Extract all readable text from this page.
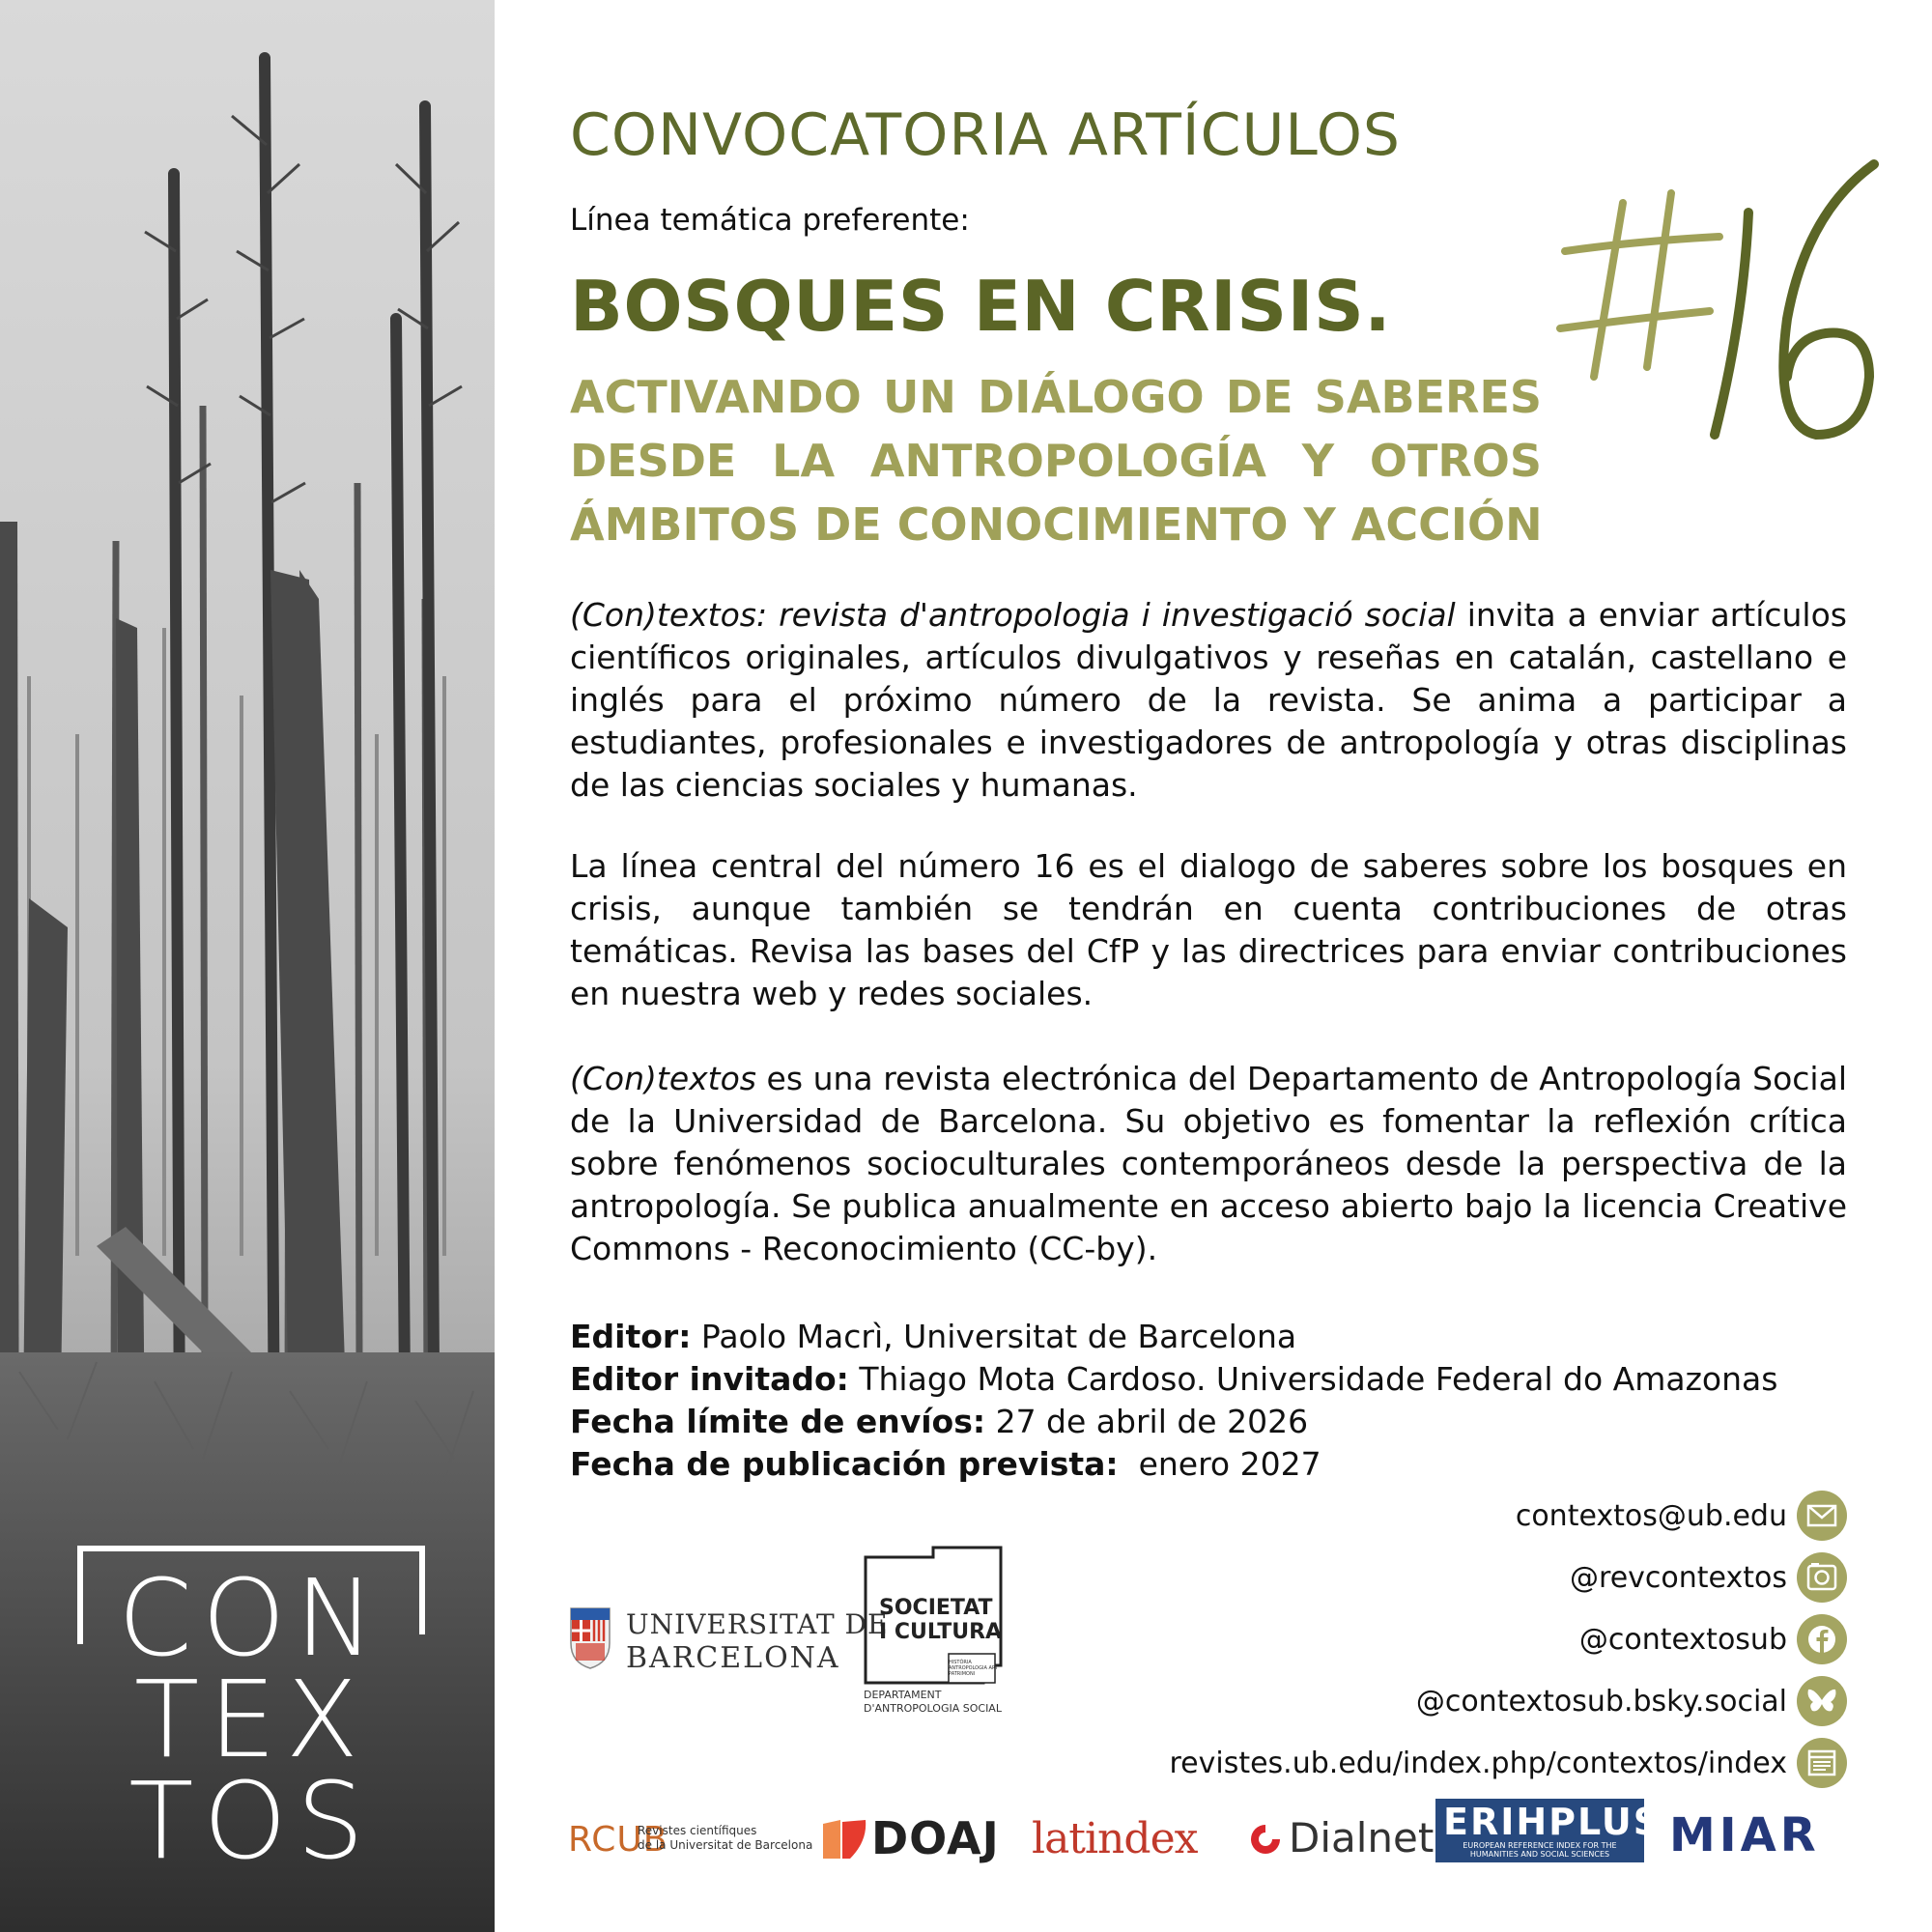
CON
TEX
TOS
CONVOCATORIA ARTÍCULOS
Línea temática preferente:
BOSQUES EN CRISIS.
ACTIVANDO UN DIÁLOGO DE SABERES
DESDE LA ANTROPOLOGÍA Y OTROS
ÁMBITOS DE CONOCIMIENTO Y ACCIÓN
(Con)textos: revista d'antropologia i investigació social invita a enviar artículos científicos originales, artículos divulgativos y reseñas en catalán, castellano e inglés para el próximo número de la revista. Se anima a participar a estudiantes, profesionales e investigadores de antropología y otras disciplinas de las ciencias sociales y humanas.
La línea central del número 16 es el dialogo de saberes sobre los bosques en crisis, aunque también se tendrán en cuenta contribuciones de otras temáticas. Revisa las bases del CfP y las directrices para enviar contribuciones en nuestra web y redes sociales.
(Con)textos es una revista electrónica del Departamento de Antropología Social de la Universidad de Barcelona. Su objetivo es fomentar la reflexión crítica sobre fenómenos socioculturales contemporáneos desde la perspectiva de la antropología. Se publica anualmente en acceso abierto bajo la licencia Creative Commons - Reconocimiento (CC-by).
Editor: Paolo Macrì, Universitat de Barcelona
Editor invitado: Thiago Mota Cardoso. Universidade Federal do Amazonas
Fecha límite de envíos: 27 de abril de 2026
Fecha de publicación prevista:  enero 2027
contextos@ub.edu
@revcontextos
@contextosub
@contextosub.bsky.social
revistes.ub.edu/index.php/contextos/index
UNIVERSITAT DE
BARCELONA
SOCIETAT
I CULTURA
HISTÒRIA ANTROPOLOGIA ART PATRIMONI
DEPARTAMENT
D'ANTROPOLOGIA SOCIAL
RCUB
Revistes científiques
de la Universitat de Barcelona DOAJ latindex Dialnet ERIHPLUS
EUROPEAN REFERENCE INDEX FOR THE HUMANITIES AND SOCIAL SCIENCES	MIAR
